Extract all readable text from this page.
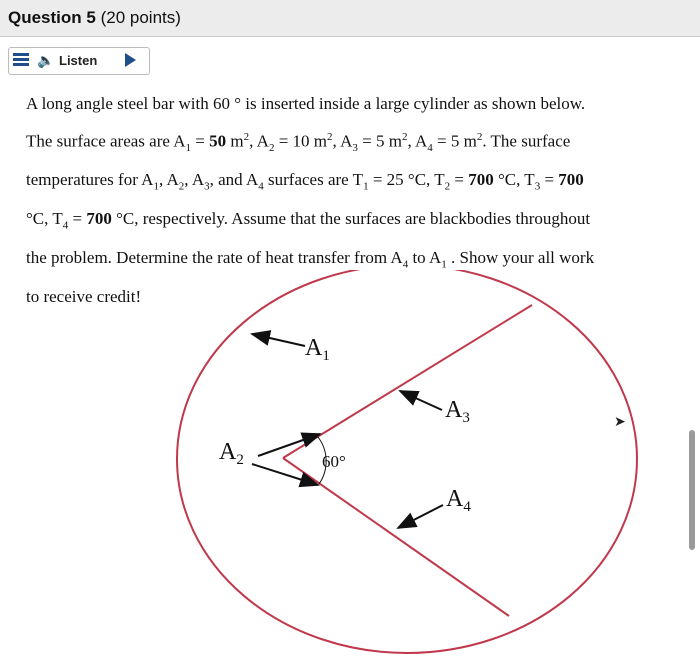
Question 5 (20 points)
🔈 Listen
A long angle steel bar with 60 ° is inserted inside a large cylinder as shown below.
The surface areas are $A_1 = 50$ $m^2$, $A_2 = 10$ $m^2$, $A_3 = 5$ $m^2$, $A_4 = 5$ $m^2$. The surface
temperatures for $A_1$, $A_2$, $A_3$, and $A_4$ surfaces are $T_1 = 25$ °C, $T_2 = 700$ °C, $T_3 = 700$
°C, $T_4 = 700$ °C, respectively. Assume that the surfaces are blackbodies throughout
the problem. Determine the rate of heat transfer from $A_4$ to $A_1$ . Show your all work
to receive credit!
$A_1$
$A_2$
$A_3$
$A_4$
60°
➤
